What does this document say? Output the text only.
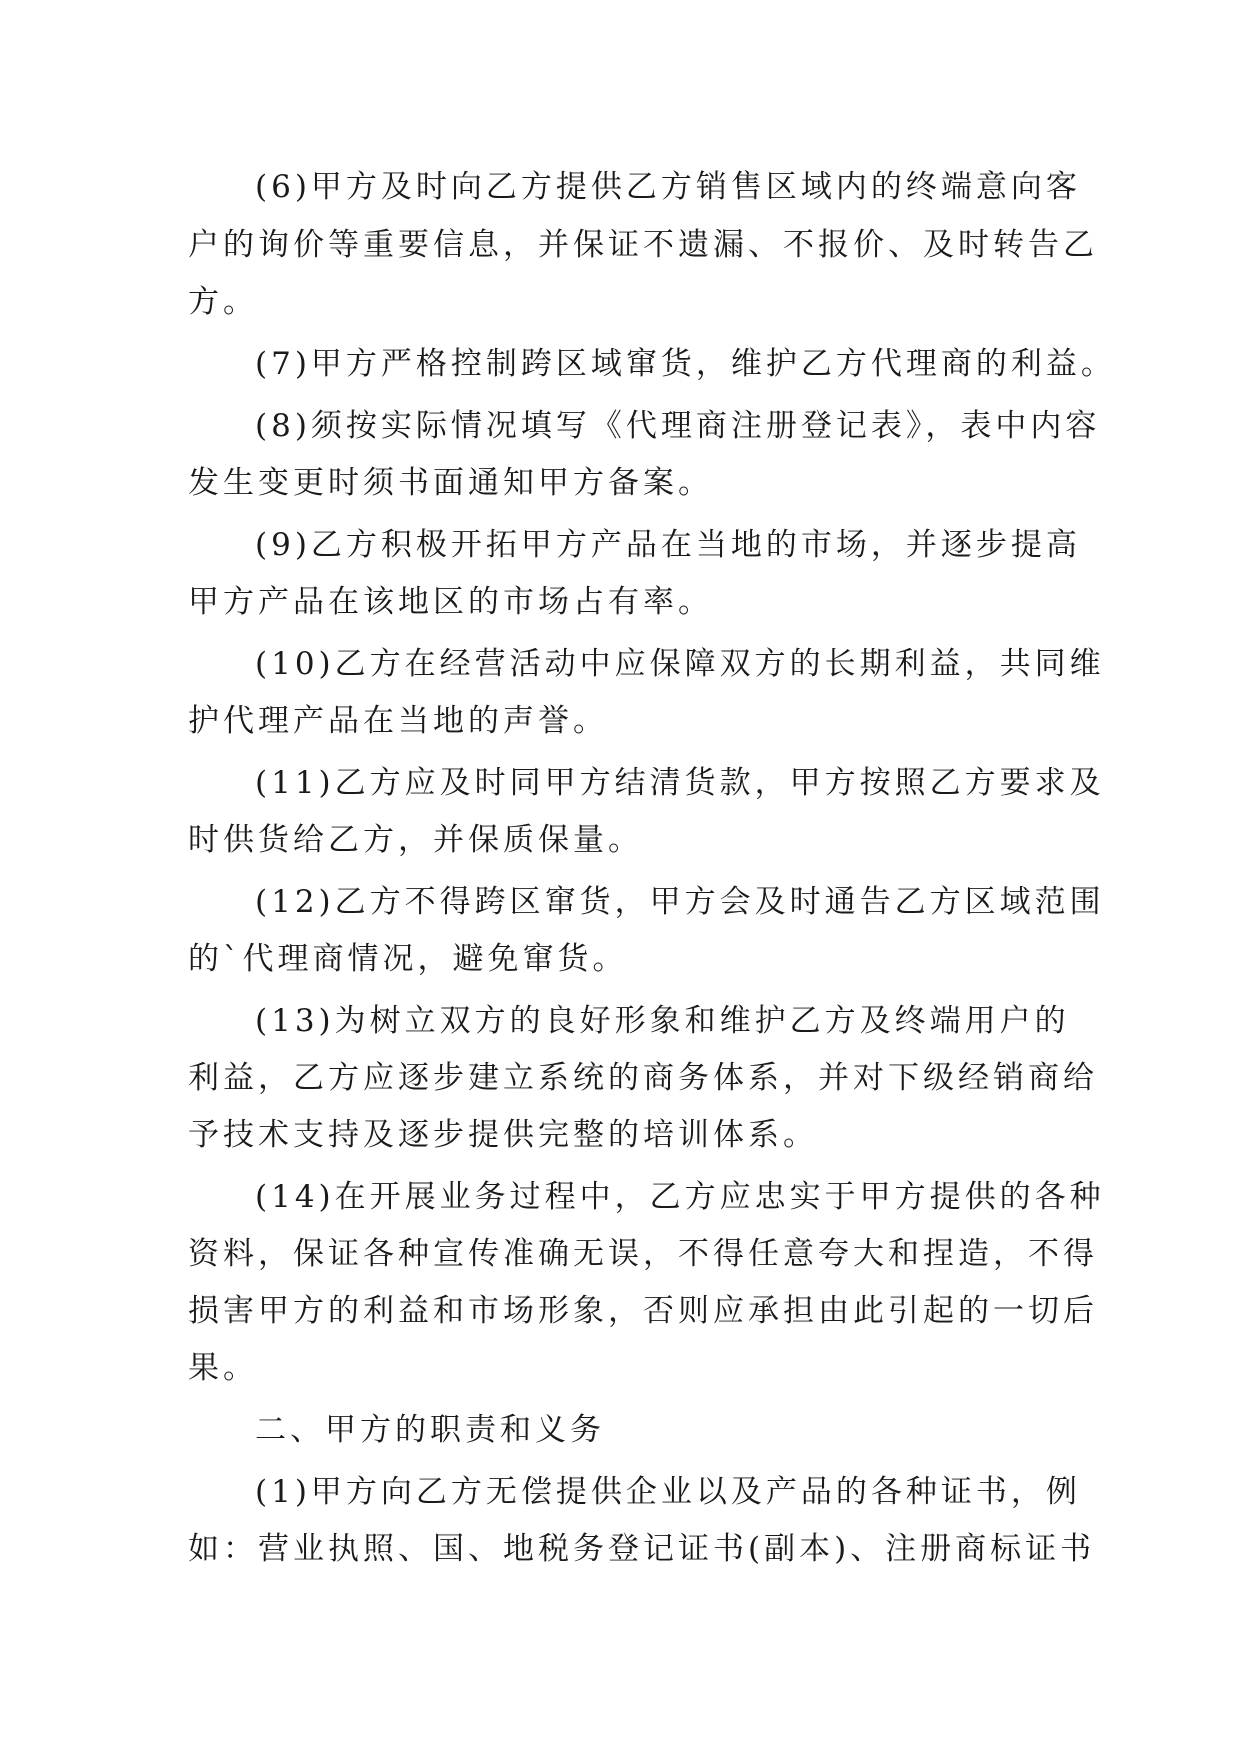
(6)甲方及时向乙方提供乙方销售区域内的终端意向客
户的询价等重要信息，并保证不遗漏、不报价、及时转告乙
方。
(7)甲方严格控制跨区域窜货，维护乙方代理商的利益。
(8)须按实际情况填写《代理商注册登记表》，表中内容
发生变更时须书面通知甲方备案。
(9)乙方积极开拓甲方产品在当地的市场，并逐步提高
甲方产品在该地区的市场占有率。
(10)乙方在经营活动中应保障双方的长期利益，共同维
护代理产品在当地的声誉。
(11)乙方应及时同甲方结清货款，甲方按照乙方要求及
时供货给乙方，并保质保量。
(12)乙方不得跨区窜货，甲方会及时通告乙方区域范围
的`代理商情况，避免窜货。
(13)为树立双方的良好形象和维护乙方及终端用户的
利益，乙方应逐步建立系统的商务体系，并对下级经销商给
予技术支持及逐步提供完整的培训体系。
(14)在开展业务过程中，乙方应忠实于甲方提供的各种
资料，保证各种宣传准确无误，不得任意夸大和捏造，不得
损害甲方的利益和市场形象，否则应承担由此引起的一切后
果。
二、甲方的职责和义务
(1)甲方向乙方无偿提供企业以及产品的各种证书，例
如：营业执照、国、地税务登记证书(副本)、注册商标证书
